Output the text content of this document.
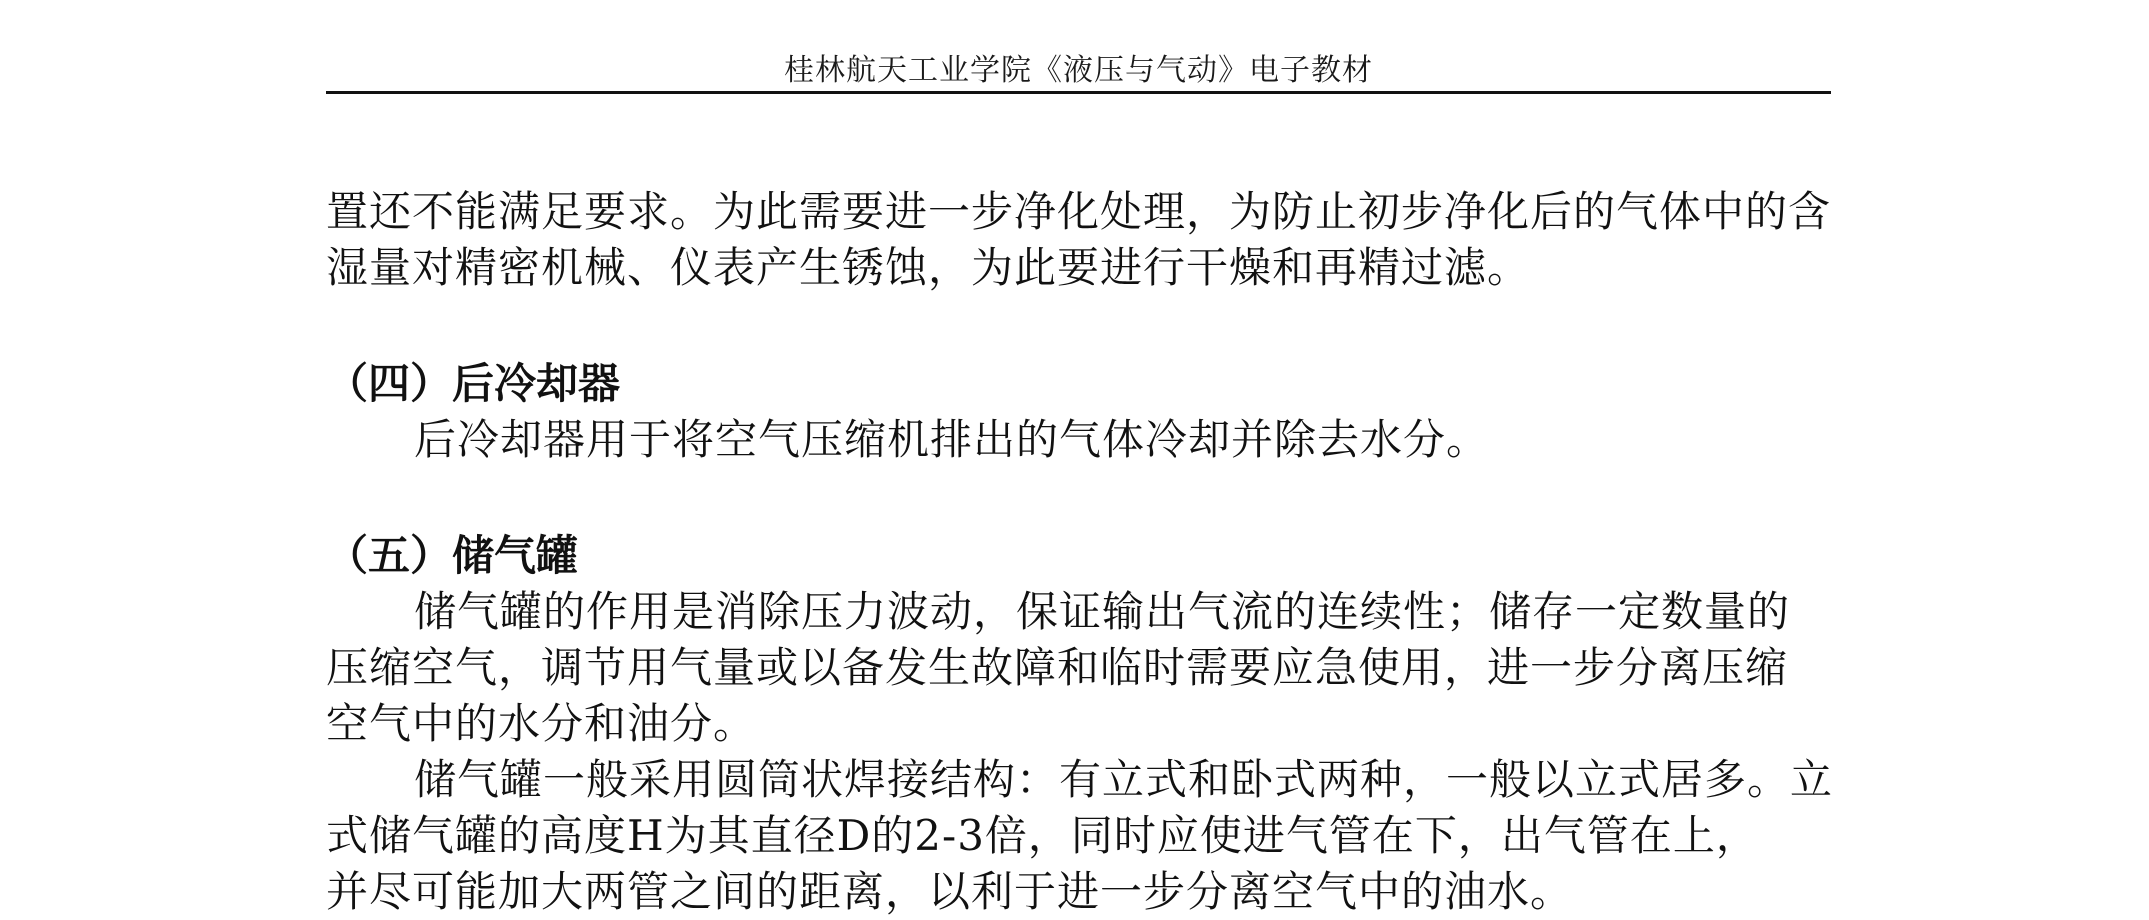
桂林航天工业学院《液压与气动》电子教材
置还不能满足要求。为此需要进一步净化处理，为防止初步净化后的气体中的含
湿量对精密机械、仪表产生锈蚀，为此要进行干燥和再精过滤。
（四）后冷却器
后冷却器用于将空气压缩机排出的气体冷却并除去水分。
（五）储气罐
储气罐的作用是消除压力波动，保证输出气流的连续性；储存一定数量的
压缩空气，调节用气量或以备发生故障和临时需要应急使用，进一步分离压缩
空气中的水分和油分。
储气罐一般采用圆筒状焊接结构：有立式和卧式两种，一般以立式居多。立
式储气罐的高度H为其直径D的2-3倍，同时应使进气管在下，出气管在上，
并尽可能加大两管之间的距离，以利于进一步分离空气中的油水。
